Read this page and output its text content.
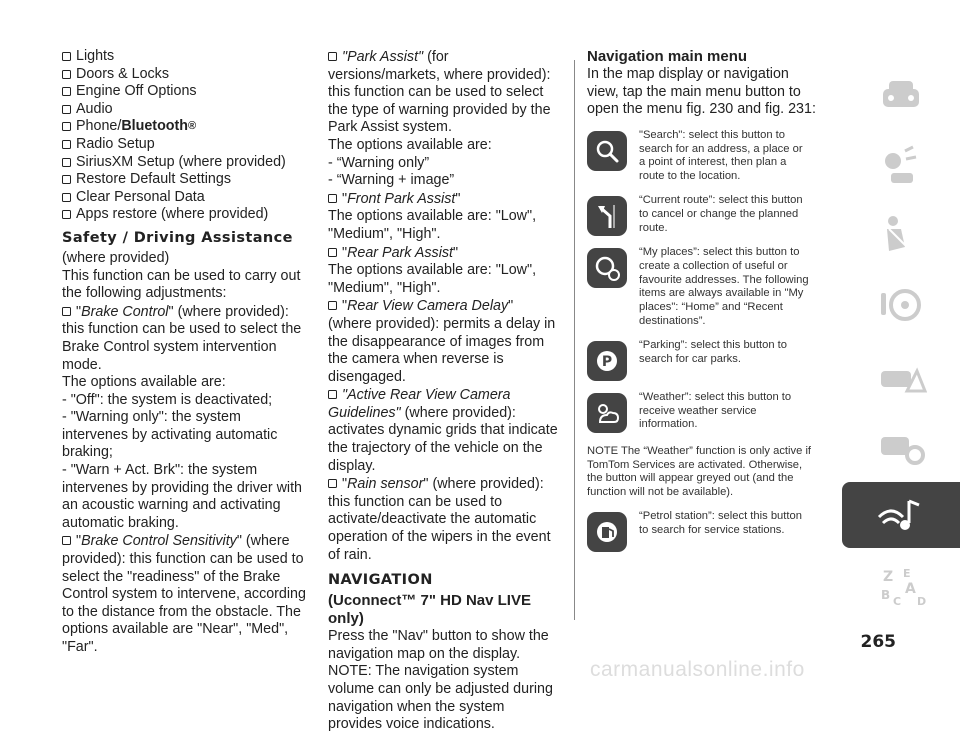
Lights
Doors & Locks
Engine Off Options
Audio
Phone/ Bluetooth ®
Radio Setup
SiriusXM Setup (where provided)
Restore Default Settings
Clear Personal Data
Apps restore (where provided)
Safety / Driving Assistance

(where provided)

This function can be used to carry out the following adjustments:

"Brake Control" (where provided): this function can be used to select the Brake Control system intervention mode.

The options available are:

- "Off": the system is deactivated;

- "Warning only": the system intervenes by activating automatic braking;

- "Warn + Act. Brk": the system intervenes by providing the driver with an acoustic warning and activating automatic braking.

"Brake Control Sensitivity" (where provided): this function can be used to select the "readiness" of the Brake Control system to intervene, according to the distance from the obstacle. The options available are "Near", "Med", "Far".

"Park Assist" (for versions/markets, where provided): this function can be used to select the type of warning provided by the Park Assist system.

The options available are:

- “Warning only”

- “Warning + image”

"Front Park Assist"

The options available are: "Low", "Medium", "High".

"Rear Park Assist"

The options available are: "Low", "Medium", "High".

"Rear View Camera Delay" (where provided): permits a delay in the disappearance of images from the camera when reverse is disengaged.

"Active Rear View Camera Guidelines" (where provided): activates dynamic grids that indicate the trajectory of the vehicle on the display.

"Rain sensor" (where provided): this function can be used to activate/deactivate the automatic operation of the wipers in the event of rain.

NAVIGATION
(Uconnect™ 7" HD Nav LIVE only)

Press the "Nav" button to show the navigation map on the display.

NOTE: The navigation system volume can only be adjusted during navigation when the system provides voice indications.

Navigation main menu

In the map display or navigation view, tap the main menu button to open the menu fig. 230 and fig. 231:

"Search": select this button to search for an address, a place or a point of interest, then plan a route to the location.
“Current route”: select this button to cancel or change the planned route.
“My places”: select this button to create a collection of useful or favourite addresses. The following items are always available in "My places": “Home” and “Recent destinations”.
P
“Parking”: select this button to search for car parks.
“Weather”: select this button to receive weather service information.

NOTE The “Weather” function is only active if TomTom Services are activated. Otherwise, the button will appear greyed out (and the function will not be available).

“Petrol station”: select this button to search for service stations.
Z E
A
B C D
265
carmanualsonline.info
